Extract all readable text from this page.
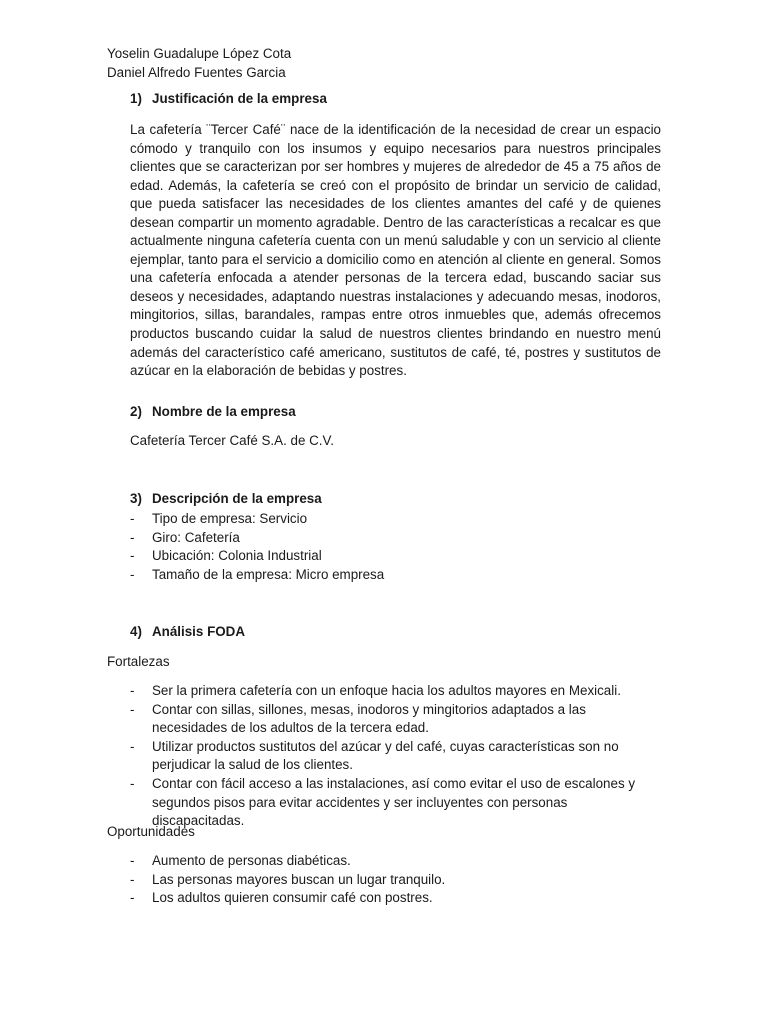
Yoselin Guadalupe López Cota
Daniel Alfredo Fuentes Garcia
1) Justificación de la empresa
La cafetería ¨Tercer Café¨ nace de la identificación de la necesidad de crear un espacio cómodo y tranquilo con los insumos y equipo necesarios para nuestros principales clientes que se caracterizan por ser hombres y mujeres de alrededor de 45 a 75 años de edad. Además, la cafetería se creó con el propósito de brindar un servicio de calidad, que pueda satisfacer las necesidades de los clientes amantes del café y de quienes desean compartir un momento agradable. Dentro de las características a recalcar es que actualmente ninguna cafetería cuenta con un menú saludable y con un servicio al cliente ejemplar, tanto para el servicio a domicilio como en atención al cliente en general. Somos una cafetería enfocada a atender personas de la tercera edad, buscando saciar sus deseos y necesidades, adaptando nuestras instalaciones y adecuando mesas, inodoros, mingitorios, sillas, barandales, rampas entre otros inmuebles que, además ofrecemos productos buscando cuidar la salud de nuestros clientes brindando en nuestro menú además del característico café americano, sustitutos de café, té, postres y sustitutos de azúcar en la elaboración de bebidas y postres.
2) Nombre de la empresa
Cafetería Tercer Café S.A. de C.V.
3) Descripción de la empresa
- Tipo de empresa: Servicio
- Giro: Cafetería
- Ubicación: Colonia Industrial
- Tamaño de la empresa: Micro empresa
4) Análisis FODA
Fortalezas
- Ser la primera cafetería con un enfoque hacia los adultos mayores en Mexicali.
- Contar con sillas, sillones, mesas, inodoros y mingitorios adaptados a las necesidades de los adultos de la tercera edad.
- Utilizar productos sustitutos del azúcar y del café, cuyas características son no perjudicar la salud de los clientes.
- Contar con fácil acceso a las instalaciones, así como evitar el uso de escalones y segundos pisos para evitar accidentes y ser incluyentes con personas discapacitadas.
Oportunidades
- Aumento de personas diabéticas.
- Las personas mayores buscan un lugar tranquilo.
- Los adultos quieren consumir café con postres.
